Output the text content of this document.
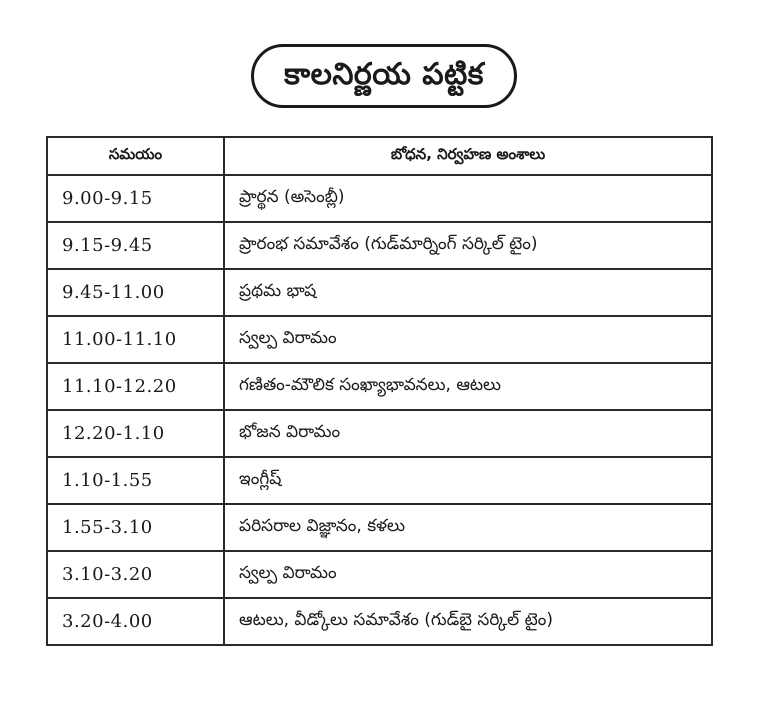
కాలనిర్ణయ పట్టిక
సమయం	బోధన, నిర్వహణ అంశాలు
9.00-9.15	ప్రార్థన (అసెంబ్లీ)
9.15-9.45	ప్రారంభ సమావేశం (గుడ్‌మార్నింగ్ సర్కిల్ టైం)
9.45-11.00	ప్రథమ భాష
11.00-11.10	స్వల్ప విరామం
11.10-12.20	గణితం-మౌలిక సంఖ్యాభావనలు, ఆటలు
12.20-1.10	భోజన విరామం
1.10-1.55	ఇంగ్లీష్
1.55-3.10	పరిసరాల విజ్ఞానం, కళలు
3.10-3.20	స్వల్ప విరామం
3.20-4.00	ఆటలు, వీడ్కోలు సమావేశం (గుడ్‌బై సర్కిల్ టైం)
